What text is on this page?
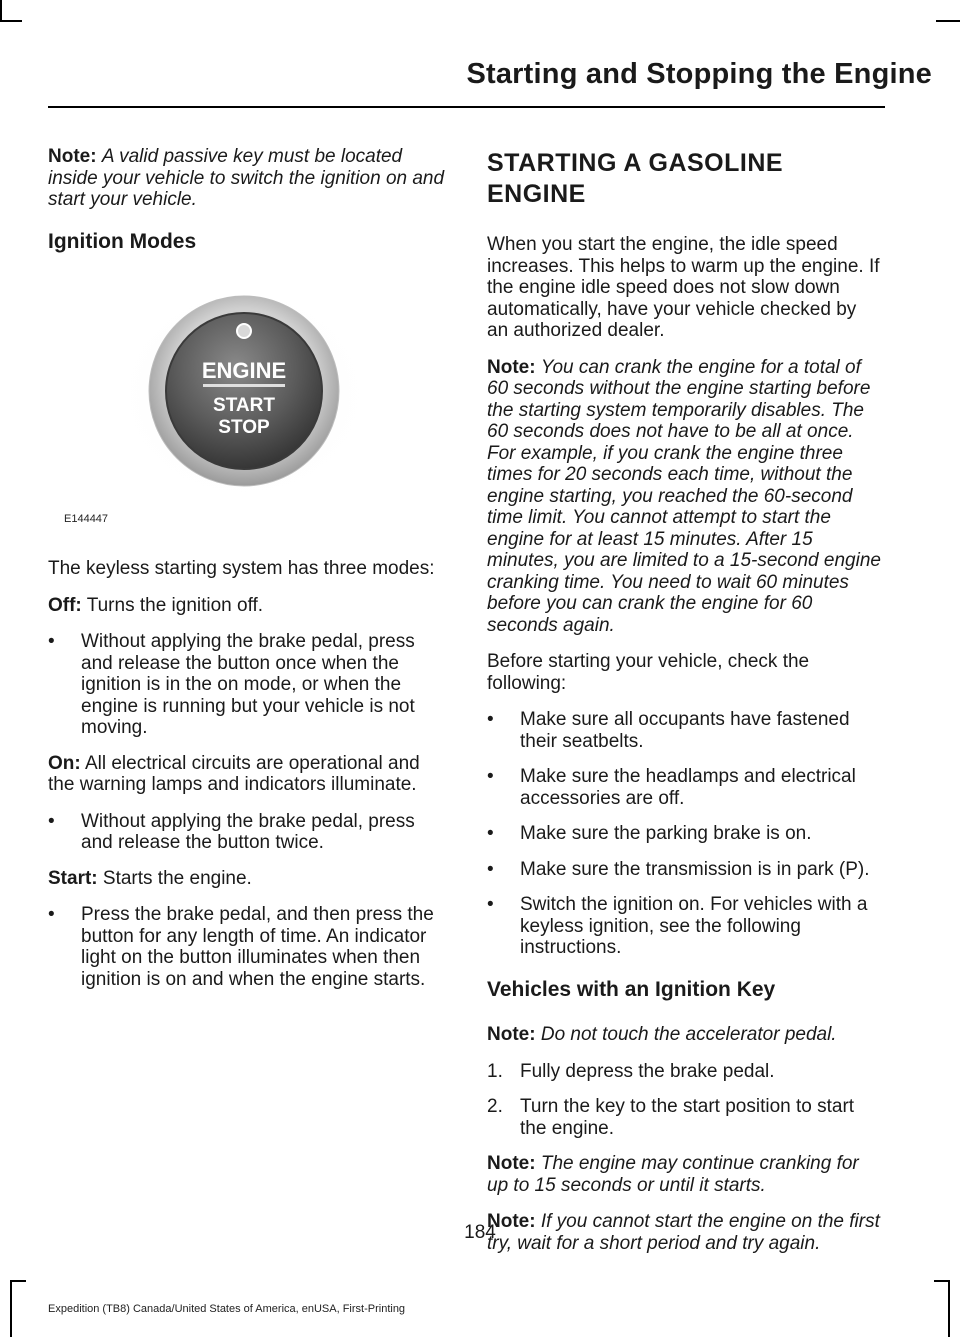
Starting and Stopping the Engine

Note: A valid passive key must be located inside your vehicle to switch the ignition on and start your vehicle.

Ignition Modes
ENGINE
START
STOP
E144447

The keyless starting system has three modes:

Off: Turns the ignition off.

•	Without applying the brake pedal, press and release the button once when the ignition is in the on mode, or when the engine is running but your vehicle is not moving.

On: All electrical circuits are operational and the warning lamps and indicators illuminate.

•	Without applying the brake pedal, press and release the button twice.

Start: Starts the engine.

•	Press the brake pedal, and then press the button for any length of time. An indicator light on the button illuminates when then ignition is on and when the engine starts.
STARTING A GASOLINE ENGINE

When you start the engine, the idle speed increases. This helps to warm up the engine. If the engine idle speed does not slow down automatically, have your vehicle checked by an authorized dealer.

Note: You can crank the engine for a total of 60 seconds without the engine starting before the starting system temporarily disables. The 60 seconds does not have to be all at once. For example, if you crank the engine three times for 20 seconds each time, without the engine starting, you reached the 60-second time limit. You cannot attempt to start the engine for at least 15 minutes. After 15 minutes, you are limited to a 15-second engine cranking time. You need to wait 60 minutes before you can crank the engine for 60 seconds again.

Before starting your vehicle, check the following:

•	Make sure all occupants have fastened their seatbelts.
•	Make sure the headlamps and electrical accessories are off.
•	Make sure the parking brake is on.
•	Make sure the transmission is in park (P).
•	Switch the ignition on. For vehicles with a keyless ignition, see the following instructions.
Vehicles with an Ignition Key

Note: Do not touch the accelerator pedal.

1. Fully depress the brake pedal.
2. Turn the key to the start position to start the engine.

Note: The engine may continue cranking for up to 15 seconds or until it starts.

Note: If you cannot start the engine on the first try, wait for a short period and try again.

184
Expedition (TB8) Canada/United States of America, enUSA, First-Printing
